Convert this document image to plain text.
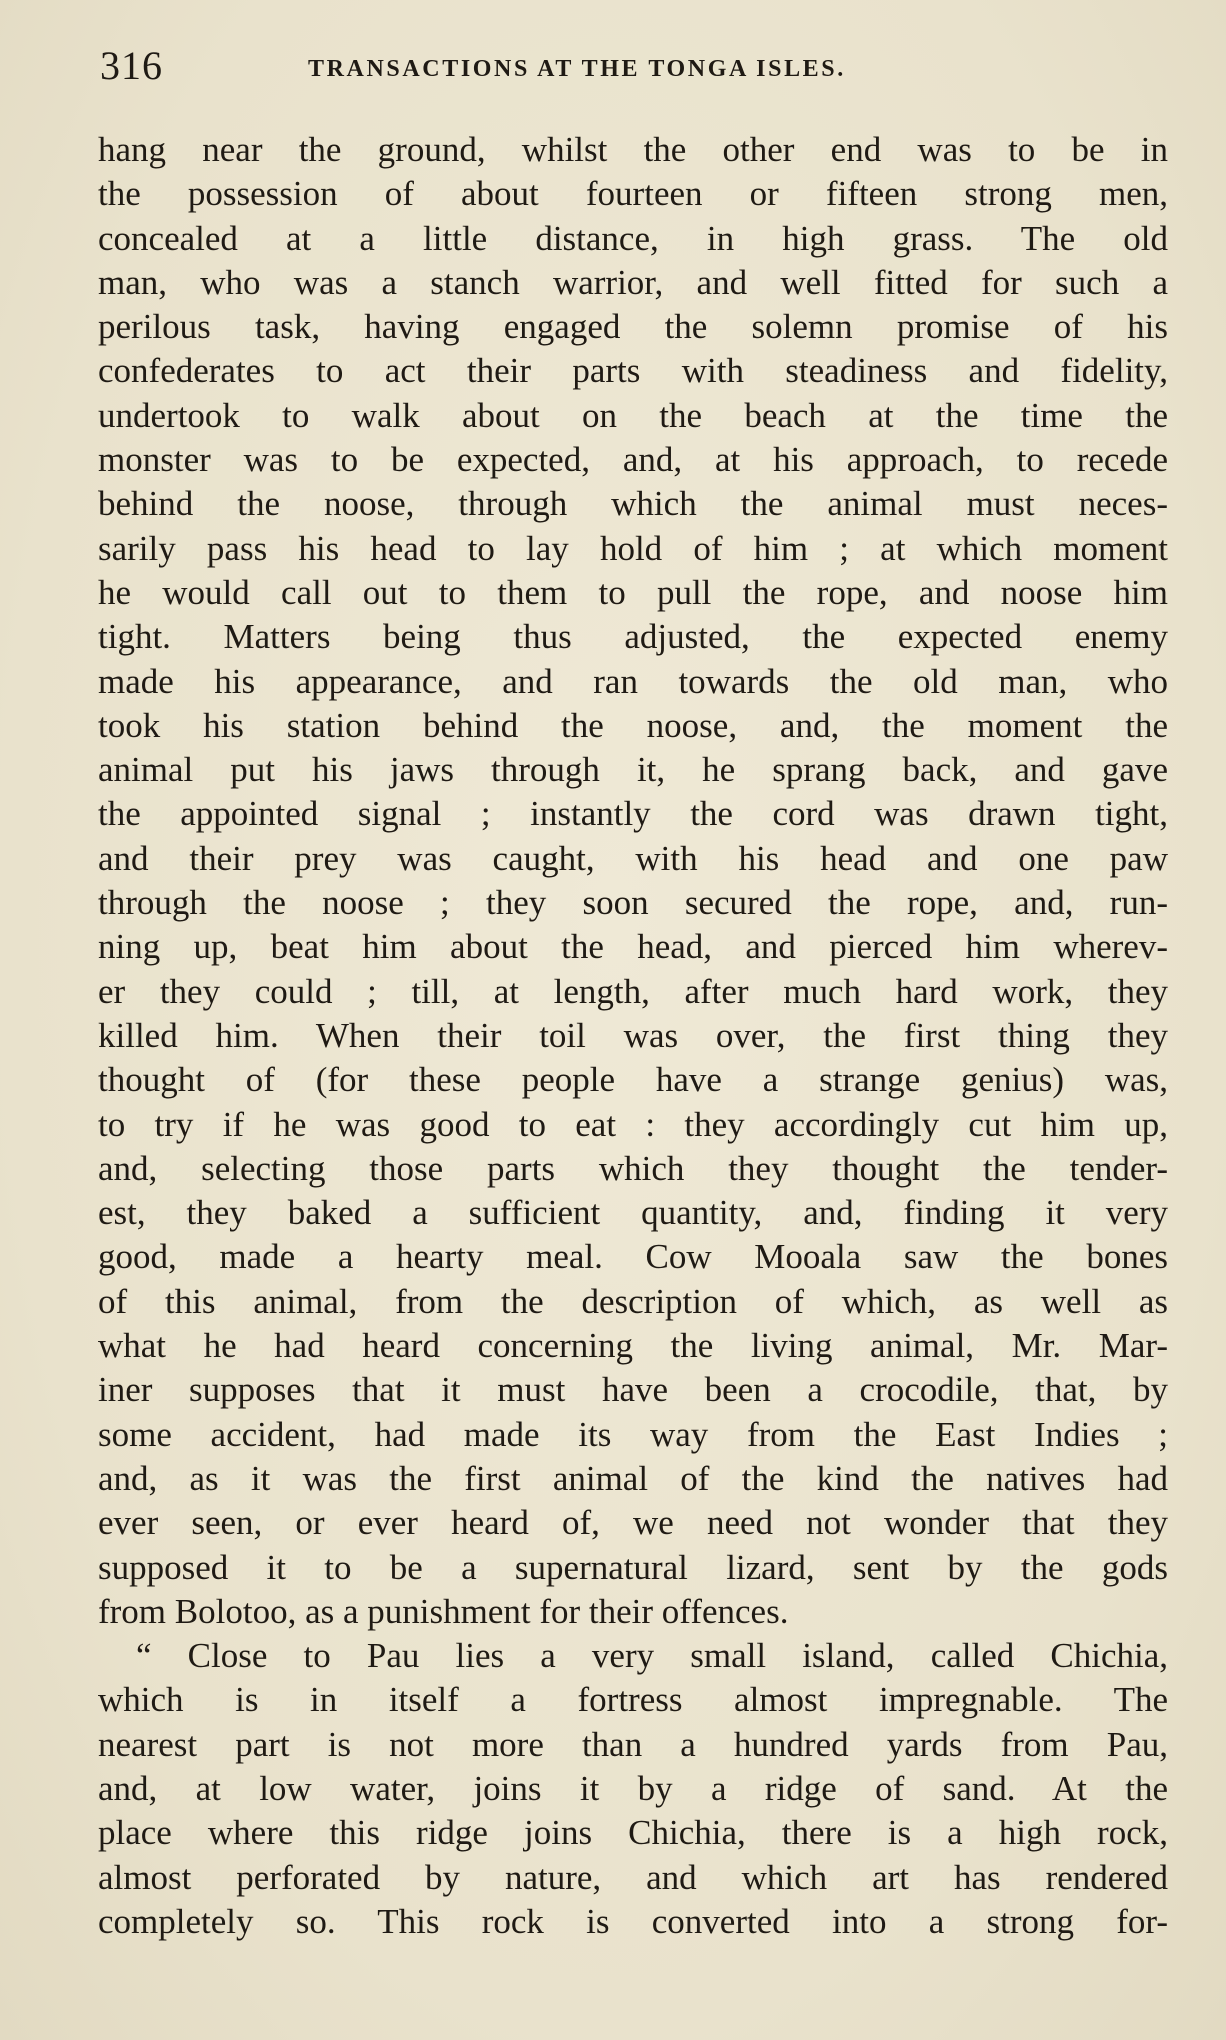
316	TRANSACTIONS AT THE TONGA ISLES.
hang near the ground, whilst the other end was to be in
the possession of about fourteen or fifteen strong men,
concealed at a little distance, in high grass. The old
man, who was a stanch warrior, and well fitted for such a
perilous task, having engaged the solemn promise of his
confederates to act their parts with steadiness and fidelity,
undertook to walk about on the beach at the time the
monster was to be expected, and, at his approach, to recede
behind the noose, through which the animal must neces-
sarily pass his head to lay hold of him ; at which moment
he would call out to them to pull the rope, and noose him
tight. Matters being thus adjusted, the expected enemy
made his appearance, and ran towards the old man, who
took his station behind the noose, and, the moment the
animal put his jaws through it, he sprang back, and gave
the appointed signal ; instantly the cord was drawn tight,
and their prey was caught, with his head and one paw
through the noose ; they soon secured the rope, and, run-
ning up, beat him about the head, and pierced him wherev-
er they could ; till, at length, after much hard work, they
killed him. When their toil was over, the first thing they
thought of (for these people have a strange genius) was,
to try if he was good to eat : they accordingly cut him up,
and, selecting those parts which they thought the tender-
est, they baked a sufficient quantity, and, finding it very
good, made a hearty meal. Cow Mooala saw the bones
of this animal, from the description of which, as well as
what he had heard concerning the living animal, Mr. Mar-
iner supposes that it must have been a crocodile, that, by
some accident, had made its way from the East Indies ;
and, as it was the first animal of the kind the natives had
ever seen, or ever heard of, we need not wonder that they
supposed it to be a supernatural lizard, sent by the gods
from Bolotoo, as a punishment for their offences.
“ Close to Pau lies a very small island, called Chichia,
which is in itself a fortress almost impregnable. The
nearest part is not more than a hundred yards from Pau,
and, at low water, joins it by a ridge of sand. At the
place where this ridge joins Chichia, there is a high rock,
almost perforated by nature, and which art has rendered
completely so. This rock is converted into a strong for-
